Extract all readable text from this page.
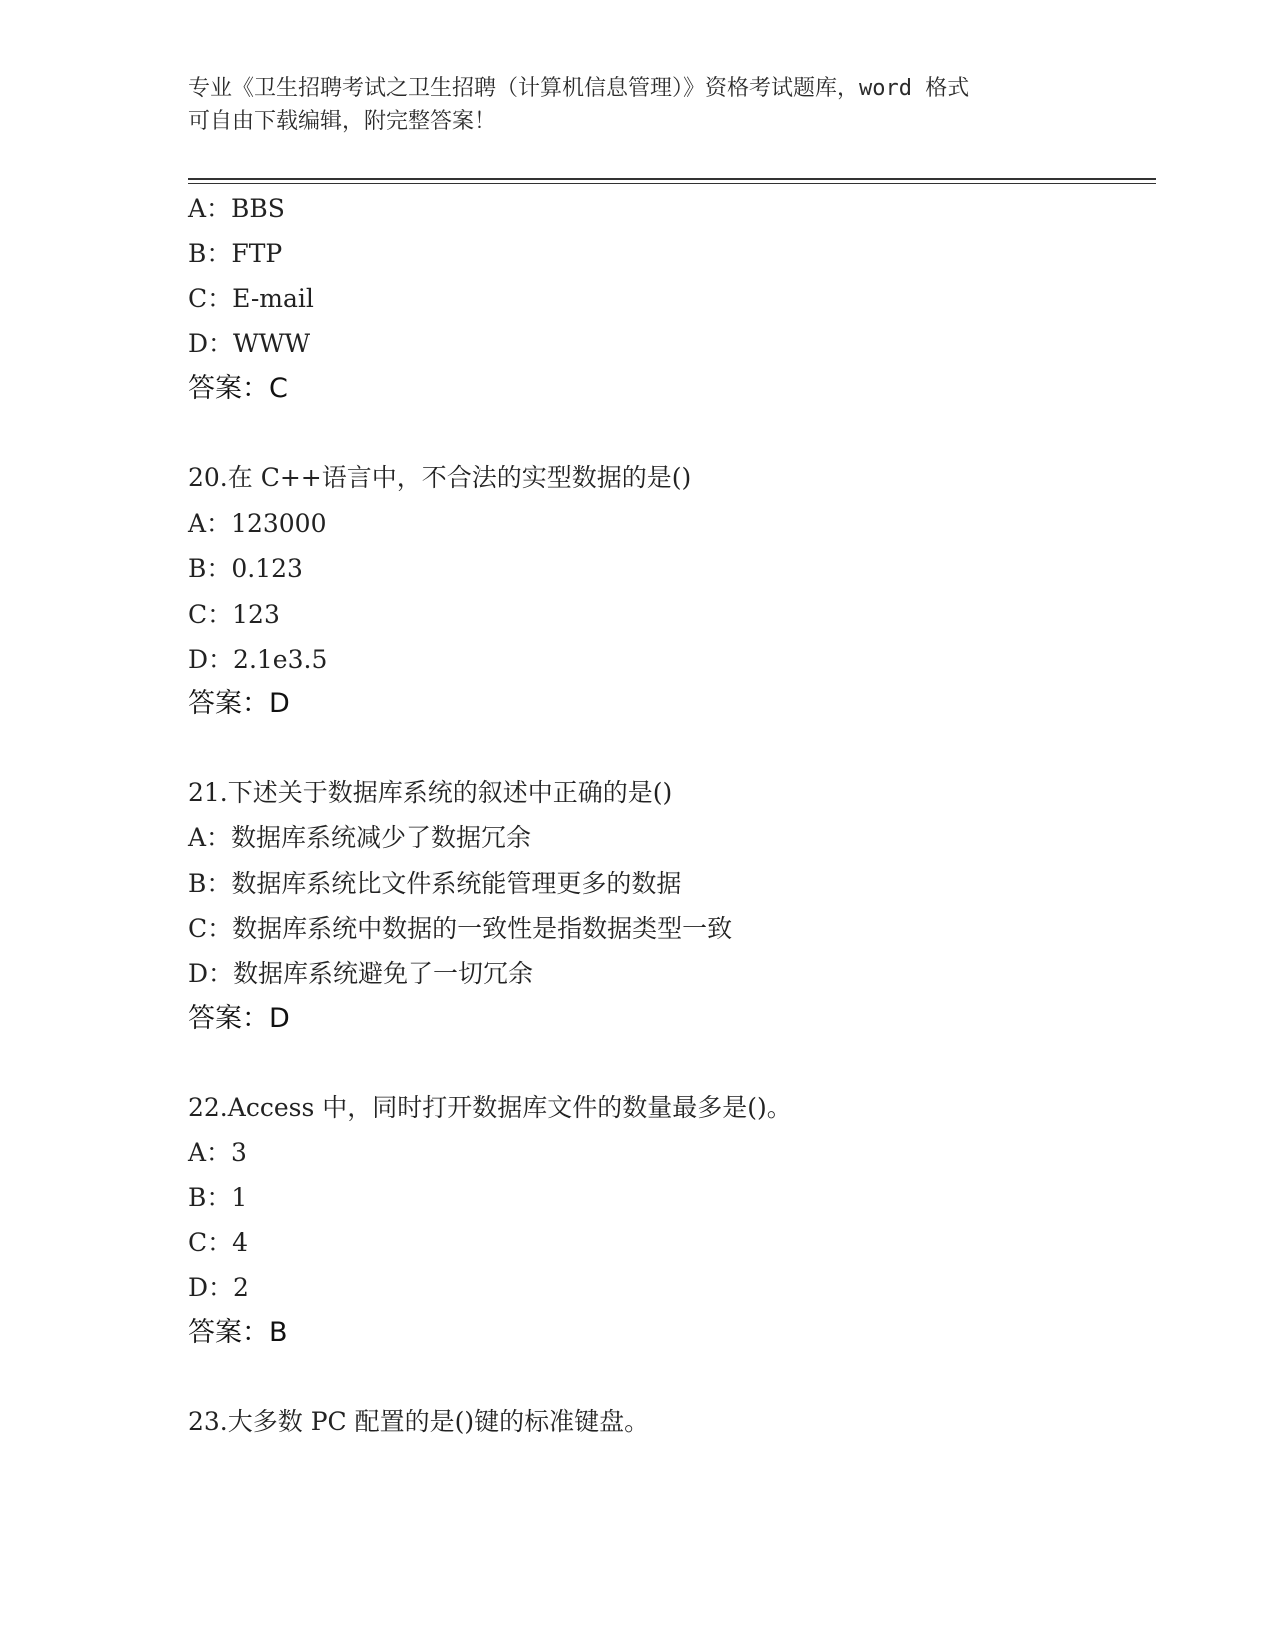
专业《卫生招聘考试之卫生招聘（计算机信息管理）》资格考试题库，word 格式
可自由下载编辑，附完整答案！
A：BBS
B：FTP
C：E-mail
D：WWW
答案：C
20.在 C++语言中，不合法的实型数据的是()
A：123000
B：0.123
C：123
D：2.1e3.5
答案：D
21.下述关于数据库系统的叙述中正确的是()
A：数据库系统减少了数据冗余
B：数据库系统比文件系统能管理更多的数据
C：数据库系统中数据的一致性是指数据类型一致
D：数据库系统避免了一切冗余
答案：D
22.Access 中，同时打开数据库文件的数量最多是()。
A：3
B：1
C：4
D：2
答案：B
23.大多数 PC 配置的是()键的标准键盘。
